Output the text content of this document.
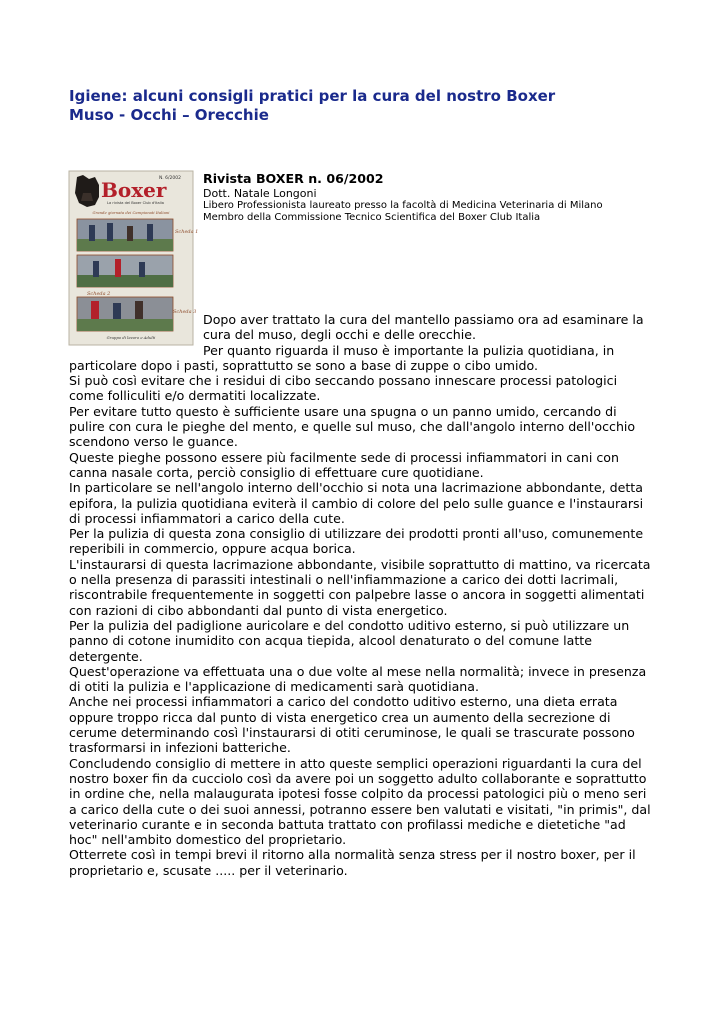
Igiene: alcuni consigli pratici per la cura del nostro Boxer
Muso - Occhi – Orecchie
N. 6/2002
Boxer
La rivista del Boxer Club d'Italia
Grande giornata dei Campionati Italiani
Scheda 1
Scheda 2
Scheda 3
Gruppo di lavoro e Adulti
Rivista BOXER n. 06/2002
Dott. Natale Longoni
Libero Professionista laureato presso la facoltà di Medicina Veterinaria di Milano
Membro della Commissione Tecnico Scientifica del Boxer Club Italia

Dopo aver trattato la cura del mantello passiamo ora ad esaminare la cura del muso, degli occhi e delle orecchie.

Per quanto riguarda il muso è importante la pulizia quotidiana, in particolare dopo i pasti, soprattutto se sono a base di zuppe o cibo umido.

Si può così evitare che i residui di cibo seccando possano innescare processi patologici come folliculiti e/o dermatiti localizzate.

Per evitare tutto questo è sufficiente usare una spugna o un panno umido, cercando di pulire con cura le pieghe del mento, e quelle sul muso, che dall'angolo interno dell'occhio scendono verso le guance.

Queste pieghe possono essere più facilmente sede di processi infiammatori in cani con canna nasale corta, perciò consiglio di effettuare cure quotidiane.

In particolare se nell'angolo interno dell'occhio si nota una lacrimazione abbondante, detta epifora, la pulizia quotidiana eviterà il cambio di colore del pelo sulle guance e l'instaurarsi di processi infiammatori a carico della cute.

Per la pulizia di questa zona consiglio di utilizzare dei prodotti pronti all'uso, comunemente reperibili in commercio, oppure acqua borica.

L'instaurarsi di questa lacrimazione abbondante, visibile soprattutto di mattino, va ricercata o nella presenza di parassiti intestinali o nell'infiammazione a carico dei dotti lacrimali, riscontrabile frequentemente in soggetti con palpebre lasse o ancora in soggetti alimentati con razioni di cibo abbondanti dal punto di vista energetico.

Per la pulizia del padiglione auricolare e del condotto uditivo esterno, si può utilizzare un panno di cotone inumidito con acqua tiepida, alcool denaturato o del comune latte detergente.

Quest'operazione va effettuata una o due volte al mese nella normalità; invece in presenza di otiti la pulizia e l'applicazione di medicamenti sarà quotidiana.

Anche nei processi infiammatori a carico del condotto uditivo esterno, una dieta errata oppure troppo ricca dal punto di vista energetico crea un aumento della secrezione di cerume determinando così l'instaurarsi di otiti ceruminose, le quali se trascurate possono trasformarsi in infezioni batteriche.

Concludendo consiglio di mettere in atto queste semplici operazioni riguardanti la cura del nostro boxer fin da cucciolo così da avere poi un soggetto adulto collaborante e soprattutto in ordine che, nella malaugurata ipotesi fosse colpito da processi patologici più o meno seri a carico della cute o dei suoi annessi, potranno essere ben valutati e visitati, "in primis", dal veterinario curante e in seconda battuta trattato con profilassi mediche e dietetiche "ad hoc" nell'ambito domestico del proprietario.

Otterrete così in tempi brevi il ritorno alla normalità senza stress per il nostro boxer, per il proprietario e, scusate ..... per il veterinario.
